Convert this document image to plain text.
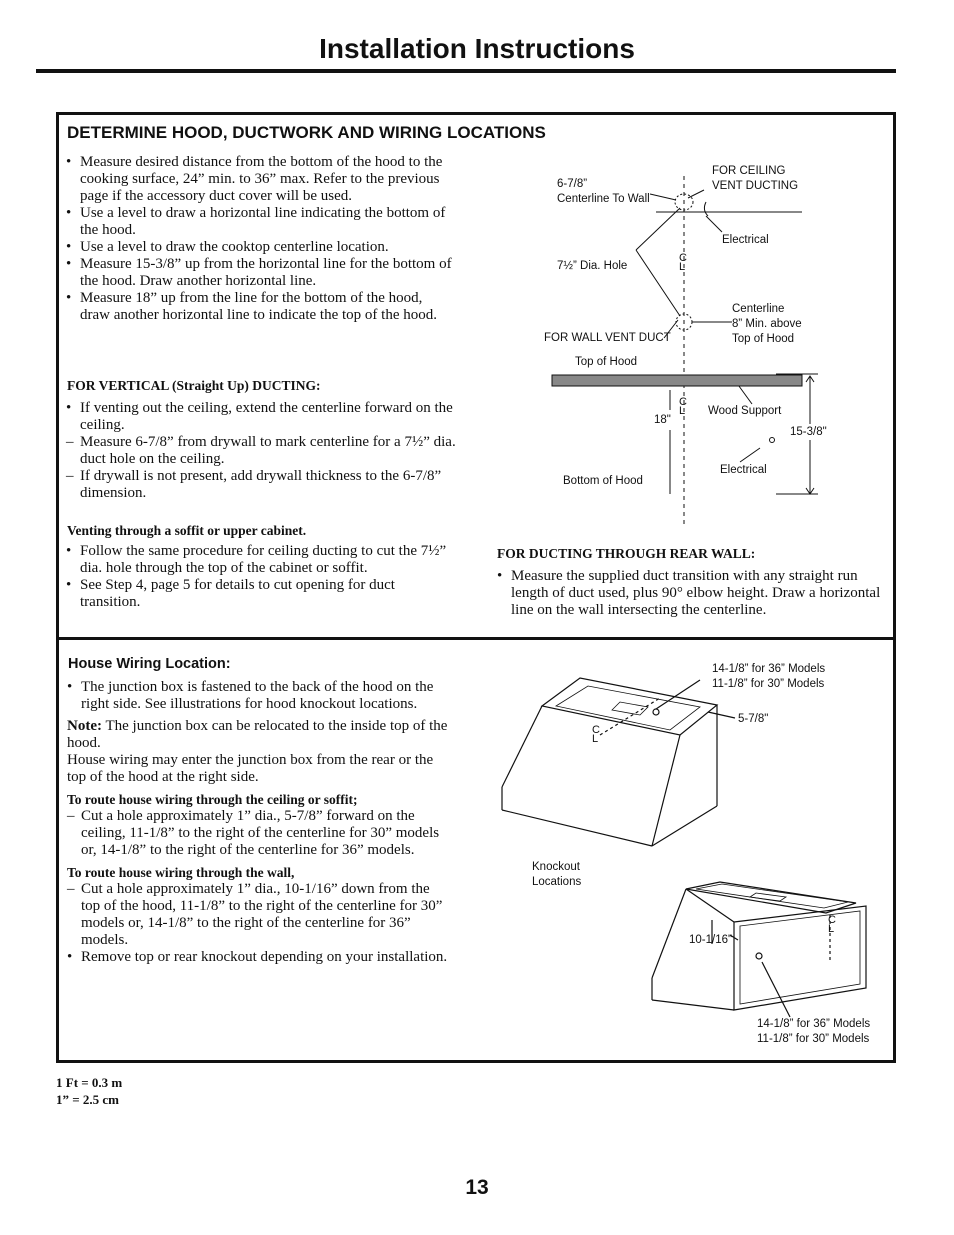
Installation Instructions
DETERMINE HOOD, DUCTWORK AND WIRING LOCATIONS
• Measure desired distance from the bottom of the hood to the cooking surface, 24” min. to 36” max. Refer to the previous page if the accessory duct cover will be used.
• Use a level to draw a horizontal line indicating the bottom of the hood.
• Use a level to draw the cooktop centerline location.
• Measure 15-3/8” up from the horizontal line for the bottom of the hood. Draw another horizontal line.
• Measure 18” up from the line for the bottom of the hood, draw another horizontal line to indicate the top of the hood.
FOR VERTICAL (Straight Up) DUCTING:
• If venting out the ceiling, extend the centerline forward on the ceiling.
– Measure 6-7/8” from drywall to mark centerline for a 7½” dia. duct hole on the ceiling.
– If drywall is not present, add drywall thickness to the 6-7/8” dimension.
Venting through a soffit or upper cabinet.
• Follow the same procedure for ceiling ducting to cut the 7½” dia. hole through the top of the cabinet or soffit.
• See Step 4, page 5 for details to cut opening for duct transition.
FOR DUCTING THROUGH REAR WALL:
• Measure the supplied duct transition with any straight run length of duct used, plus 90° elbow height. Draw a horizontal line on the wall intersecting the centerline.
6-7/8”
Centerline To Wall
FOR CEILING
VENT DUCTING
Electrical
7½” Dia. Hole
C
L
Centerline
8” Min. above
Top of Hood
FOR WALL VENT DUCT
Top of Hood
C
L Wood Support
18"
15-3/8"
Electrical
Bottom of Hood
House Wiring Location:
• The junction box is fastened to the back of the hood on the right side. See illustrations for hood knockout locations.
Note: The junction box can be relocated to the inside top of the hood.
House wiring may enter the junction box from the rear or the top of the hood at the right side.
To route house wiring through the ceiling or soffit;
– Cut a hole approximately 1” dia., 5-7/8” forward on the ceiling, 11-1/8” to the right of the centerline for 30” models or, 14-1/8” to the right of the centerline for 36” models.
To route house wiring through the wall,
– Cut a hole approximately 1” dia., 10-1/16” down from the top of the hood, 11-1/8” to the right of the centerline for 30” models or, 14-1/8” to the right of the centerline for 36” models.
• Remove top or rear knockout depending on your installation.
14-1/8” for 36” Models
11-1/8” for 30” Models
5-7/8"
C
L
Knockout
Locations
10-1/16"
C
L
14-1/8” for 36” Models
11-1/8” for 30” Models
1 Ft = 0.3 m
1” = 2.5 cm
13
